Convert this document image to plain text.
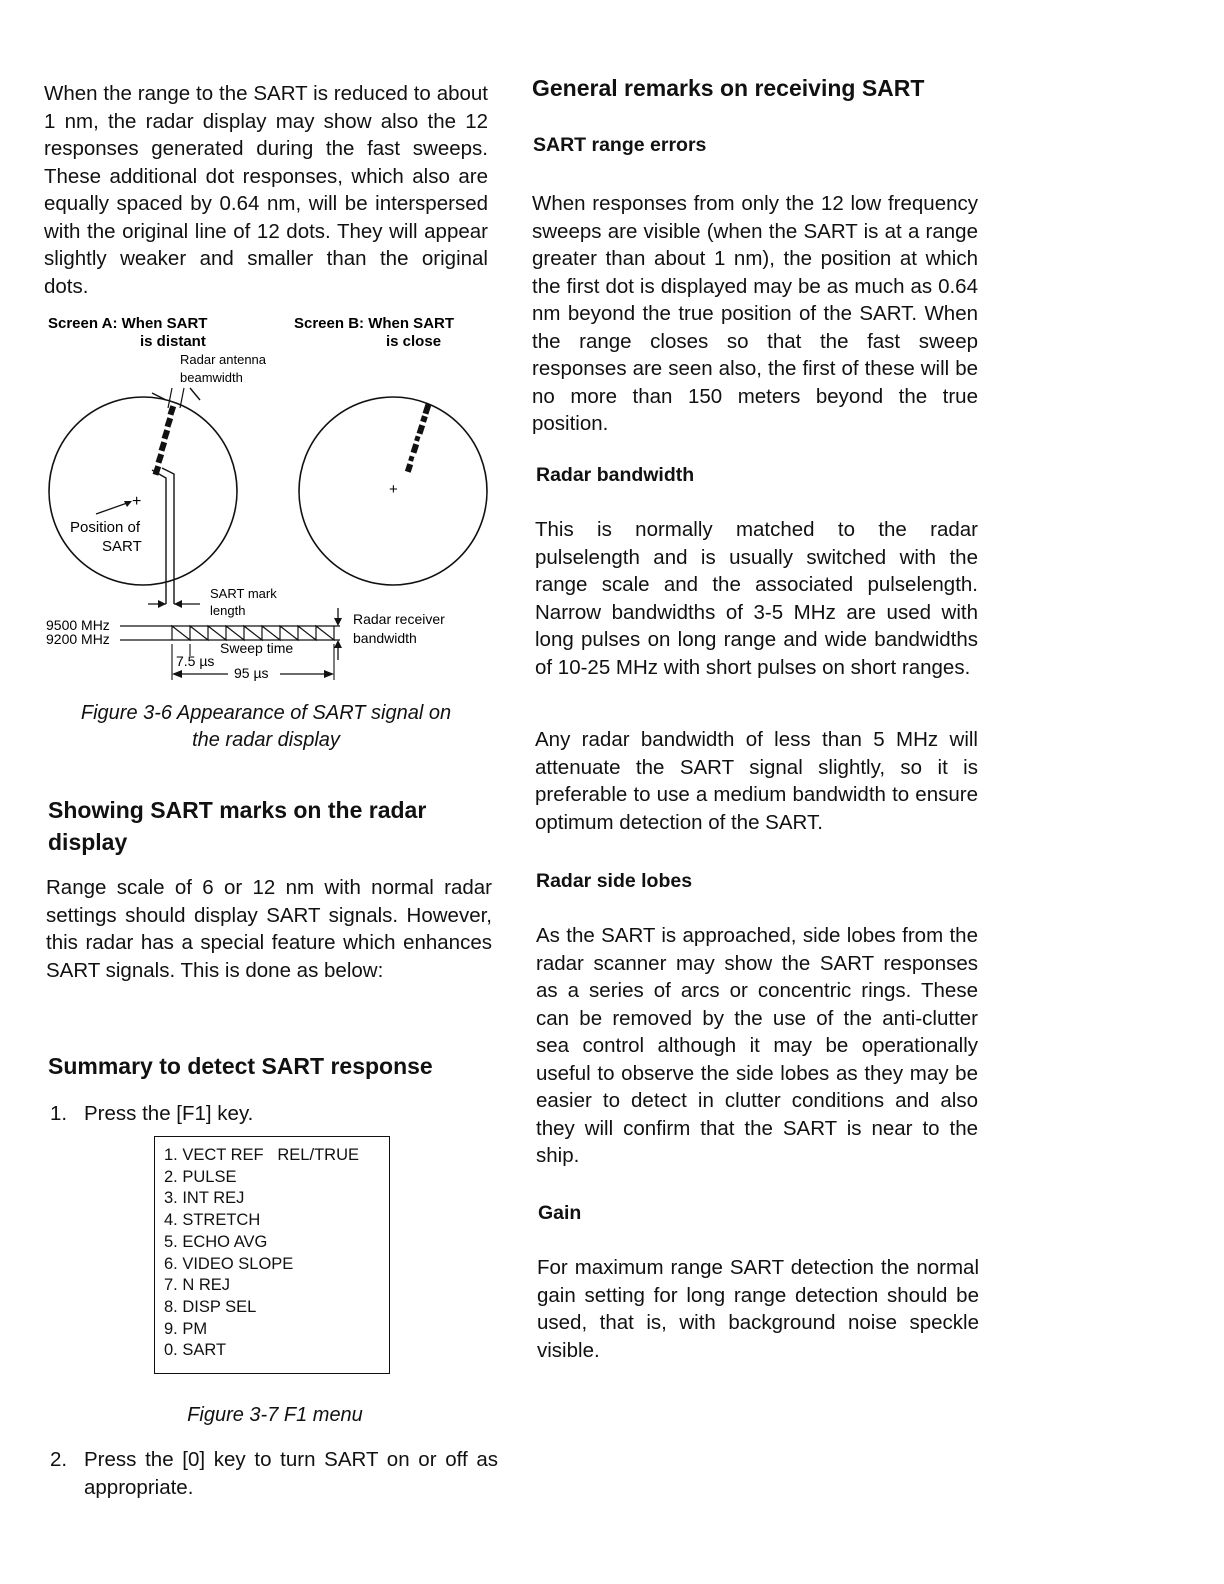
When the range to the SART is reduced to about 1 nm, the radar display may show also the 12 responses generated during the fast sweeps. These additional dot responses, which also are equally spaced by 0.64 nm, will be interspersed with the original line of 12 dots. They will appear slightly weaker and smaller than the original dots.

Screen A: When SART
is distant
Screen B: When SART
is close
Radar antenna
beamwidth
+
Position of
SART
+
SART mark
length
9500 MHz
9200 MHz
Radar receiver
bandwidth
Sweep time
7.5 µs
95 µs
Figure 3-6 Appearance of SART signal on
the radar display
Showing SART marks on the radar display

Range scale of 6 or 12 nm with normal radar settings should display SART signals. However, this radar has a special feature which enhances SART signals. This is done as below:

Summary to detect SART response
1. Press the [F1] key.
1. VECT REF   REL/TRUE
2. PULSE
3. INT REJ
4. STRETCH
5. ECHO AVG
6. VIDEO SLOPE
7. N REJ
8. DISP SEL
9. PM
0. SART
Figure 3-7 F1 menu
2. Press the [0] key to turn SART on or off as appropriate.
General remarks on receiving SART
SART range errors

When responses from only the 12 low frequency sweeps are visible (when the SART is at a range greater than about 1 nm), the position at which the first dot is displayed may be as much as 0.64 nm beyond the true position of the SART. When the range closes so that the fast sweep responses are seen also, the first of these will be no more than 150 meters beyond the true position.

Radar bandwidth

This is normally matched to the radar pulselength and is usually switched with the range scale and the associated pulselength. Narrow bandwidths of 3-5 MHz are used with long pulses on long range and wide bandwidths of 10-25 MHz with short pulses on short ranges.

Any radar bandwidth of less than 5 MHz will attenuate the SART signal slightly, so it is preferable to use a medium bandwidth to ensure optimum detection of the SART.

Radar side lobes

As the SART is approached, side lobes from the radar scanner may show the SART responses as a series of arcs or concentric rings. These can be removed by the use of the anti-clutter sea control although it may be operationally useful to observe the side lobes as they may be easier to detect in clutter conditions and also they will confirm that the SART is near to the ship.

Gain

For maximum range SART detection the normal gain setting for long range detection should be used, that is, with background noise speckle visible.
